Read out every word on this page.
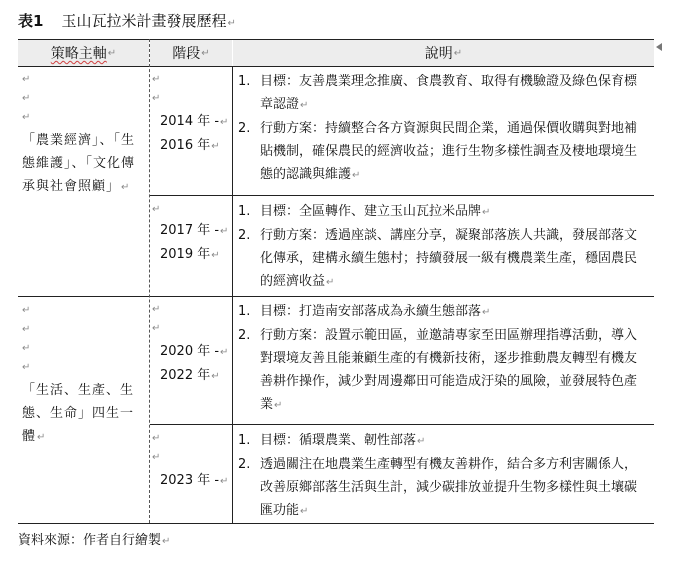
表1 玉山瓦拉米計畫發展歷程↵
策略主軸 ↵	階段 ↵	說明 ↵
↵
↵
↵
「農業經濟」、「生態維護」、「文化傳承與社會照顧」↵
↵
↵
↵
↵
「生活、生產、生態、生命」四生一體↵
↵
↵
2014 年 -↵
2016 年↵
↵
2017 年 -↵
2019 年↵
↵
↵
2020 年 -↵
2022 年↵
↵
↵
2023 年 -↵
1. 目標：友善農業理念推廣、食農教育、取得有機驗證及綠色保育標章認證↵
2. 行動方案：持續整合各方資源與民間企業，通過保價收購與對地補貼機制，確保農民的經濟收益；進行生物多樣性調查及棲地環境生態的認識與維護↵
1. 目標：全區轉作、建立玉山瓦拉米品牌↵
2. 行動方案：透過座談、講座分享，凝聚部落族人共識，發展部落文化傳承，建構永續生態村；持續發展一級有機農業生產，穩固農民的經濟收益↵
1. 目標：打造南安部落成為永續生態部落↵
2. 行動方案：設置示範田區，並邀請專家至田區辦理指導活動，導入對環境友善且能兼顧生產的有機新技術，逐步推動農友轉型有機友善耕作操作，減少對周邊鄰田可能造成汙染的風險，並發展特色產業↵
1. 目標：循環農業、韌性部落↵
2. 透過關注在地農業生產轉型有機友善耕作，結合多方利害關係人，改善原鄉部落生活與生計，減少碳排放並提升生物多樣性與土壤碳匯功能↵
資料來源：作者自行繪製↵
